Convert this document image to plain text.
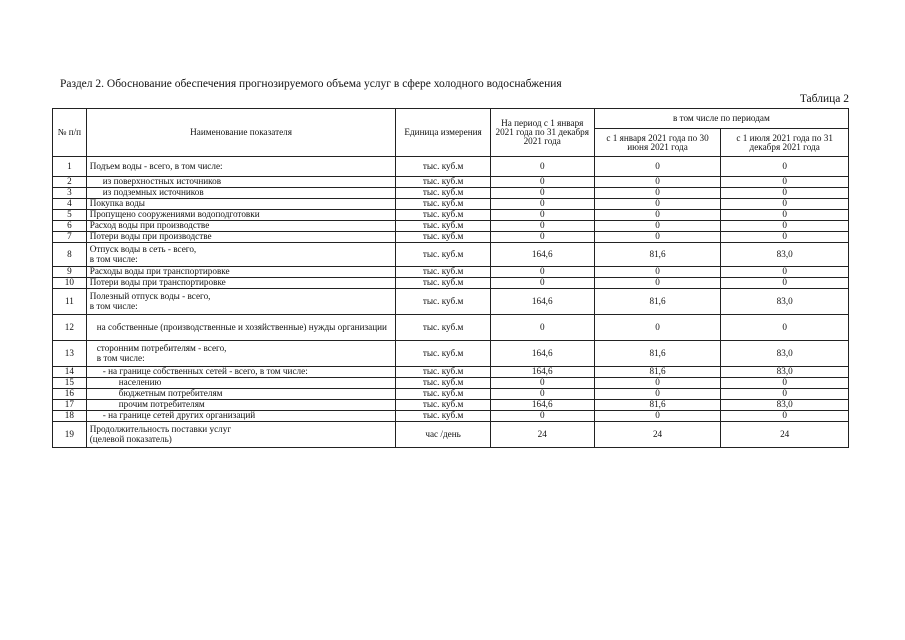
Раздел 2. Обоснование обеспечения прогнозируемого объема услуг в сфере холодного водоснабжения
Таблица 2
№ п/п	Наименование показателя	Единица измерения	На период с 1 января 2021 года по 31 декабря 2021 года	в том числе по периодам	
				с 1 января 2021 года по 30 июня 2021 года	с 1 июля 2021 года по 31 декабря 2021 года
1	Подъем воды - всего, в том числе:	тыс. куб.м	0	0	0
2	из поверхностных источников	тыс. куб.м	0	0	0
3	из подземных источников	тыс. куб.м	0	0	0
4	Покупка воды	тыс. куб.м	0	0	0
5	Пропущено сооружениями водоподготовки	тыс. куб.м	0	0	0
6	Расход воды при производстве	тыс. куб.м	0	0	0
7	Потери воды при производстве	тыс. куб.м	0	0	0
8	Отпуск воды в сеть - всего,
в том числе:	тыс. куб.м	164,6	81,6	83,0
9	Расходы воды при транспортировке	тыс. куб.м	0	0	0
10	Потери воды при транспортировке	тыс. куб.м	0	0	0
11	Полезный отпуск воды - всего,
в том числе:	тыс. куб.м	164,6	81,6	83,0
12	на собственные (производственные и хозяйственные) нужды организации	тыс. куб.м	0	0	0
13	сторонним потребителям - всего,
в том числе:	тыс. куб.м	164,6	81,6	83,0
14	- на границе собственных сетей - всего, в том числе:	тыс. куб.м	164,6	81,6	83,0
15	населению	тыс. куб.м	0	0	0
16	бюджетным потребителям	тыс. куб.м	0	0	0
17	прочим потребителям	тыс. куб.м	164,6	81,6	83,0
18	- на границе сетей других организаций	тыс. куб.м	0	0	0
19	Продолжительность поставки услуг
(целевой показатель)	час /день	24	24	24
